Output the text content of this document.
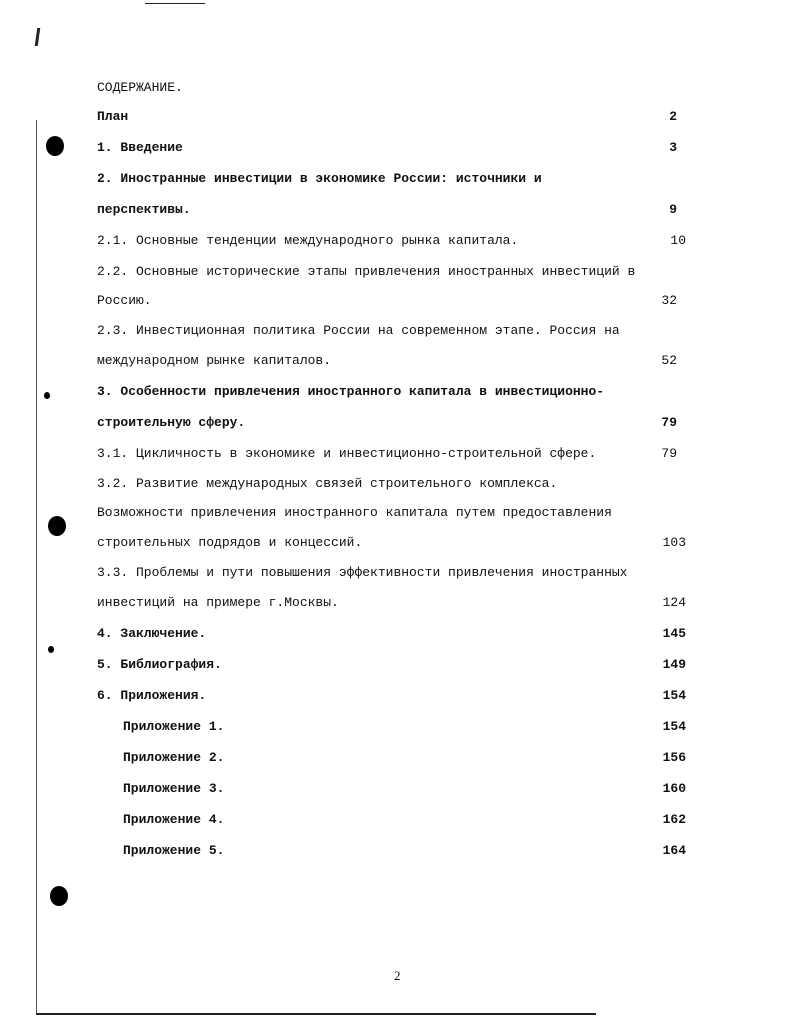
СОДЕРЖАНИЕ.
План	2
1. Введение	3
2. Иностранные инвестиции в экономике России: источники и
перспективы.	9
2.1. Основные тенденции международного рынка капитала.	10
2.2. Основные исторические этапы привлечения иностранных инвестиций в
Россию.	32
2.3. Инвестиционная политика России на современном этапе. Россия на
международном рынке капиталов.	52
3. Особенности привлечения иностранного капитала в инвестиционно-
строительную сферу.	79
3.1. Цикличность в экономике и инвестиционно-строительной сфере.	79
3.2. Развитие международных связей строительного комплекса.
Возможности привлечения иностранного капитала путем предоставления
строительных подрядов и концессий.	103
3.3. Проблемы и пути повышения эффективности привлечения иностранных
инвестиций на примере г.Москвы.	124
4. Заключение.	145
5. Библиография.	149
6. Приложения.	154
Приложение 1.	154
Приложение 2.	156
Приложение 3.	160
Приложение 4.	162
Приложение 5.	164
2
